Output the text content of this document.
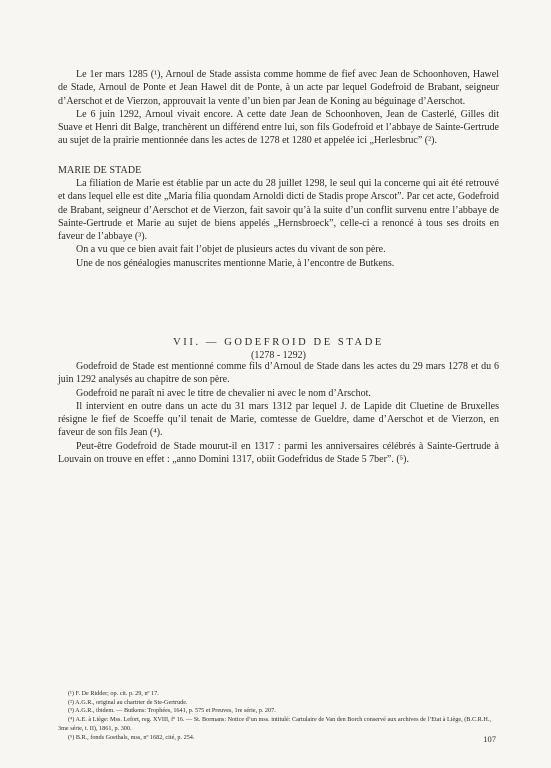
Le 1er mars 1285 (¹), Arnoul de Stade assista comme homme de fief avec Jean de Schoonhoven, Hawel de Stade, Arnoul de Ponte et Jean Hawel dit de Ponte, à un acte par lequel Godefroid de Brabant, seigneur d’Aerschot et de Vierzon, approuvait la vente d’un bien par Jean de Koning au béguinage d’Aerschot.

Le 6 juin 1292, Arnoul vivait encore. A cette date Jean de Schoonhoven, Jean de Casterlé, Gilles dit Suave et Henri dit Balge, tranchèrent un différend entre lui, son fils Godefroid et l’abbaye de Sainte-Gertrude au sujet de la prairie mentionnée dans les actes de 1278 et 1280 et appelée ici „Herlesbruc” (²).

MARIE DE STADE

La filiation de Marie est établie par un acte du 28 juillet 1298, le seul qui la concerne qui ait été retrouvé et dans lequel elle est dite „Maria filia quondam Arnoldi dicti de Stadis prope Arscot”. Par cet acte, Godefroid de Brabant, seigneur d’Aerschot et de Vierzon, fait savoir qu’à la suite d’un conflit survenu entre l’abbaye de Sainte-Gertrude et Marie au sujet de biens appelés „Hernsbroeck”, celle-ci a renoncé à tous ses droits en faveur de l’abbaye (³).

On a vu que ce bien avait fait l’objet de plusieurs actes du vivant de son père.

Une de nos généalogies manuscrites mentionne Marie, à l’encontre de Butkens.

VII. — GODEFROID DE STADE
(1278 - 1292)

Godefroid de Stade est mentionné comme fils d’Arnoul de Stade dans les actes du 29 mars 1278 et du 6 juin 1292 analysés au chapitre de son père.

Godefroid ne paraît ni avec le titre de chevalier ni avec le nom d’Arschot.

Il intervient en outre dans un acte du 31 mars 1312 par lequel J. de Lapide dit Cluetine de Bruxelles résigne le fief de Scoeffe qu’il tenait de Marie, comtesse de Gueldre, dame d’Aerschot et de Vierzon, en faveur de son fils Jean (⁴).

Peut-être Godefroid de Stade mourut-il en 1317 : parmi les anniversaires célébrés à Sainte-Gertrude à Louvain on trouve en effet : „anno Domini 1317, obiit Godefridus de Stade 5 7ber”. (⁵).

(¹) F. De Ridder; op. cit. p. 29, nº 17.

(²) A.G.R., original au chartrier de Ste-Gertrude.

(³) A.G.R., ibidem. — Butkens: Trophées, 1641, p. 575 et Preuves, 1re série, p. 207.

(⁴) A.E. à Liège: Mss. Lefort, reg. XVIII, fº 16. — St. Bormans: Notice d’un mss. intitulé: Cartulaire de Van den Borch conservé aux archives de l’Etat à Liège, (B.C.R.H., 3me série, t. II), 1861, p. 300.

(⁵) B.R., fonds Goethals, mss, nº 1682, cité, p. 254.	107
